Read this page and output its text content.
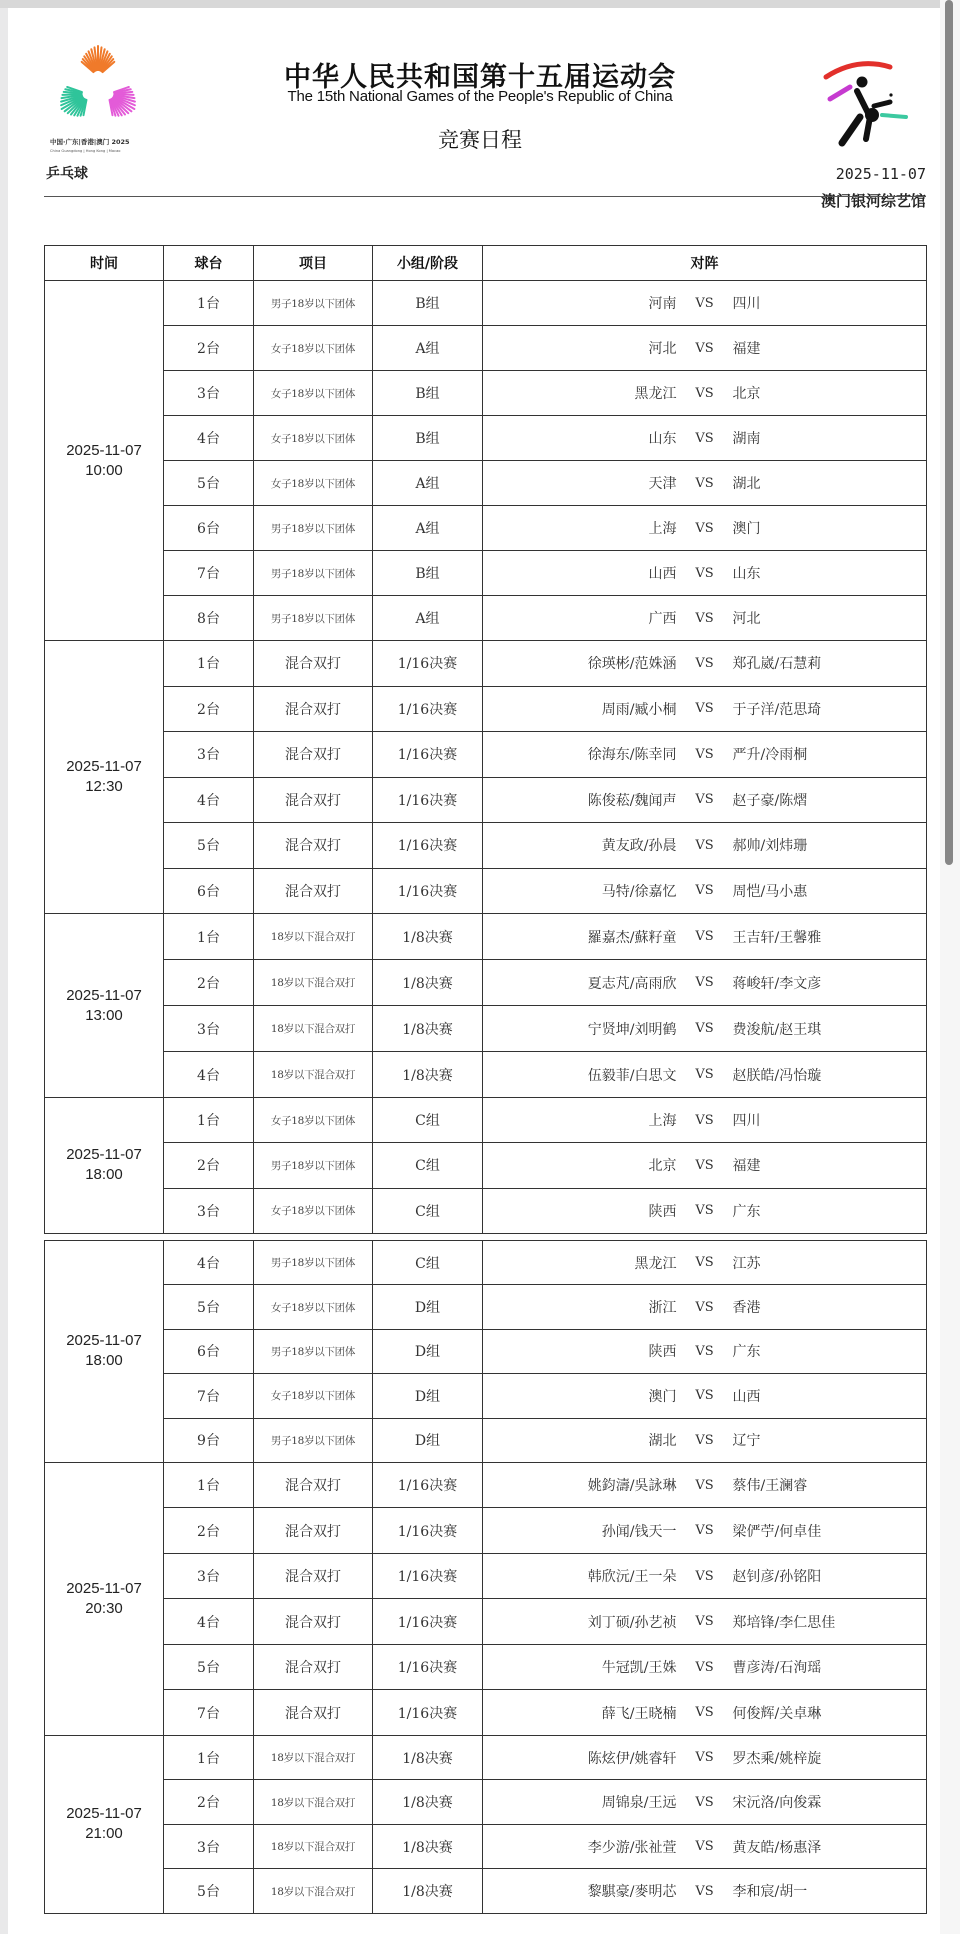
中国·广东|香港|澳门 2025
China Guangdong | Hong Kong | Macao
中华人民共和国第十五届运动会
The 15th National Games of the People's Republic of China
竞赛日程
乒乓球	2025-11-07
澳门银河综艺馆
时间	球台	项目	小组/阶段	对阵

2025-11-07
10:00
	1台	男子18岁以下团体	B组	河南	VS	四川

	2台	女子18岁以下团体	A组	河北 VS 福建

	3台	女子18岁以下团体	B组	黑龙江 VS 北京

	4台	女子18岁以下团体	B组	山东 VS 湖南

	5台	女子18岁以下团体	A组	天津 VS 湖北

	6台	男子18岁以下团体	A组	上海 VS 澳门

	7台	男子18岁以下团体	B组	山西 VS 山东

	8台	男子18岁以下团体	A组	广西 VS 河北

2025-11-07
12:30
	1台	混合双打	1/16决赛	徐瑛彬/范姝涵	VS	郑孔崴/石慧莉

	2台	混合双打	1/16决赛	周雨/臧小桐 VS 于子洋/范思琦

	3台	混合双打	1/16决赛	徐海东/陈幸同 VS 严升/冷雨桐

	4台	混合双打	1/16决赛	陈俊菘/魏闻声 VS 赵子豪/陈熠

	5台	混合双打	1/16决赛	黄友政/孙晨 VS 郝帅/刘炜珊

	6台	混合双打	1/16决赛	马特/徐嘉忆 VS 周恺/马小惠

2025-11-07
13:00
	1台	18岁以下混合双打	1/8决赛	羅嘉杰/蘇籽童	VS	王吉轩/王馨雅

	2台	18岁以下混合双打	1/8决赛	夏志芃/高雨欣 VS 蒋峻轩/李文彦

	3台	18岁以下混合双打	1/8决赛	宁贤坤/刘明鹤 VS 费浚航/赵王琪

	4台	18岁以下混合双打	1/8决赛	伍毅菲/白思文 VS 赵朕皓/冯怡璇

2025-11-07
18:00
	1台	女子18岁以下团体	C组	上海	VS	四川

	2台	男子18岁以下团体	C组	北京 VS 福建

	3台	女子18岁以下团体	C组	陕西 VS 广东
2025-11-07
18:00
	4台	男子18岁以下团体	C组	黑龙江	VS	江苏

	5台	女子18岁以下团体	D组	浙江 VS 香港

	6台	男子18岁以下团体	D组	陕西 VS 广东

	7台	女子18岁以下团体	D组	澳门 VS 山西

	9台	男子18岁以下团体	D组	湖北 VS 辽宁

2025-11-07
20:30
	1台	混合双打	1/16决赛	姚鈞濤/吳詠琳	VS	蔡伟/王澜睿

	2台	混合双打	1/16决赛	孙闻/钱天一 VS 梁俨苧/何卓佳

	3台	混合双打	1/16决赛	韩欣沅/王一朵 VS 赵钊彦/孙铭阳

	4台	混合双打	1/16决赛	刘丁硕/孙艺祯 VS 郑培锋/李仁思佳

	5台	混合双打	1/16决赛	牛冠凯/王姝 VS 曹彦涛/石洵瑶

	7台	混合双打	1/16决赛	薛飞/王晓楠 VS 何俊辉/关卓琳

2025-11-07
21:00
	1台	18岁以下混合双打	1/8决赛	陈炫伊/姚睿轩	VS	罗杰乘/姚梓旋

	2台	18岁以下混合双打	1/8决赛	周锦泉/王远 VS 宋沅洛/向俊霖

	3台	18岁以下混合双打	1/8决赛	李少游/张祉萱 VS 黄友皓/杨惠泽

	5台	18岁以下混合双打	1/8决赛	黎騏豪/麥明芯 VS 李和宸/胡一
